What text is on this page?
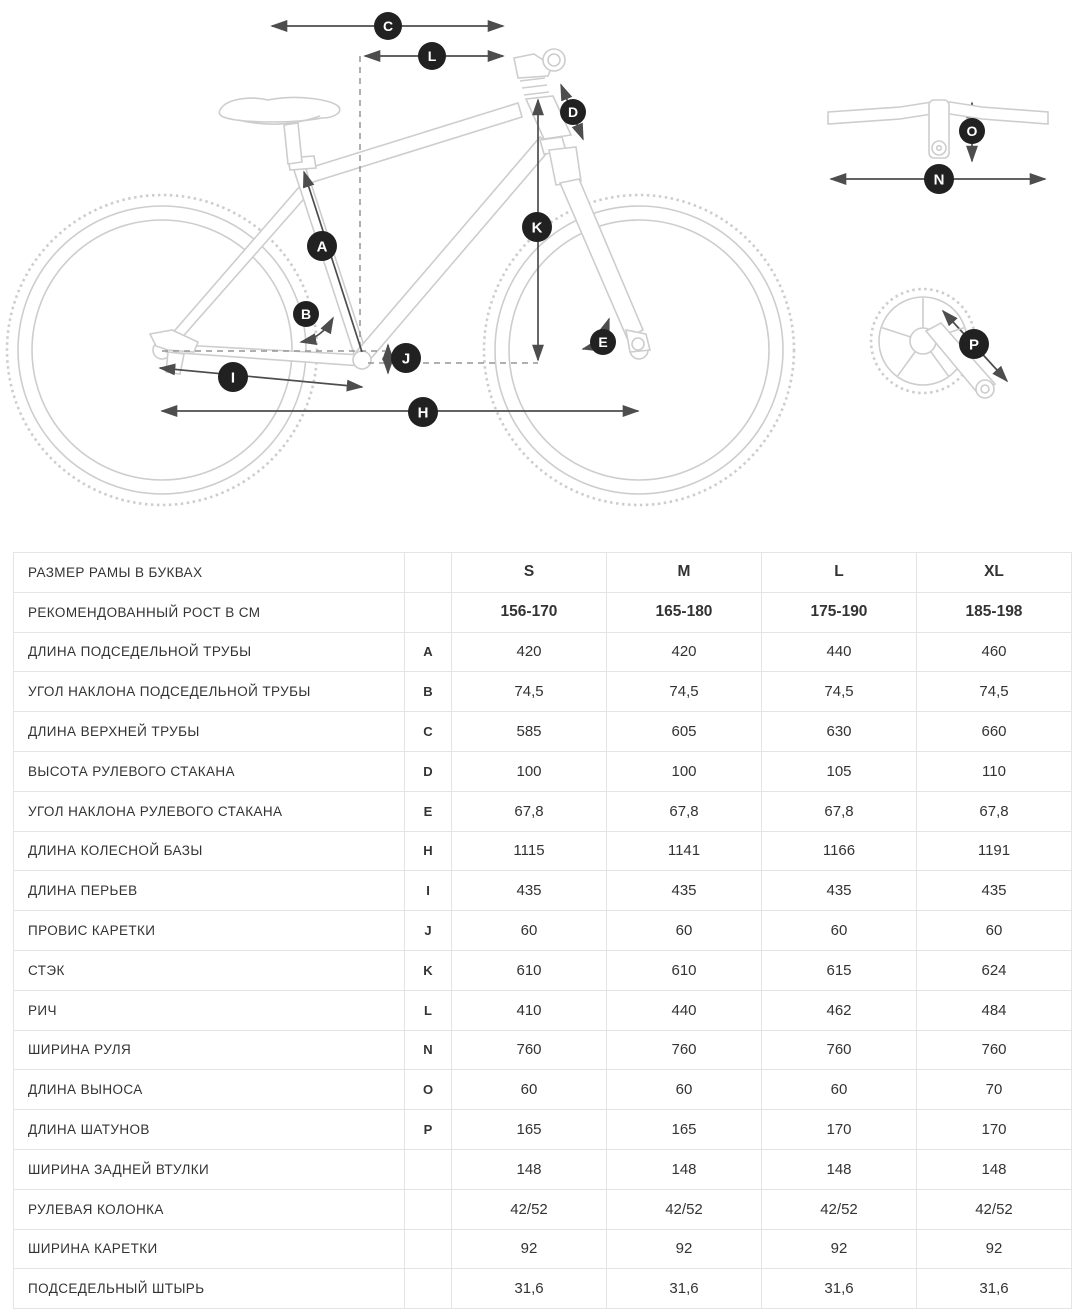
C
L
D
A
K
B
E
J
I
H
O
N
P
РАЗМЕР РАМЫ В БУКВАХ		S	M	L	XL
РЕКОМЕНДОВАННЫЙ РОСТ В СМ		156-170	165-180	175-190	185-198
ДЛИНА ПОДСЕДЕЛЬНОЙ ТРУБЫ	A	420	420	440	460
УГОЛ НАКЛОНА ПОДСЕДЕЛЬНОЙ ТРУБЫ	B	74,5	74,5	74,5	74,5
ДЛИНА ВЕРХНЕЙ ТРУБЫ	C	585	605	630	660
ВЫСОТА РУЛЕВОГО СТАКАНА	D	100	100	105	110
УГОЛ НАКЛОНА РУЛЕВОГО СТАКАНА	E	67,8	67,8	67,8	67,8
ДЛИНА КОЛЕСНОЙ БАЗЫ	H	1115	1141	1166	1191
ДЛИНА ПЕРЬЕВ	I	435	435	435	435
ПРОВИС КАРЕТКИ	J	60	60	60	60
СТЭК	K	610	610	615	624
РИЧ	L	410	440	462	484
ШИРИНА РУЛЯ	N	760	760	760	760
ДЛИНА ВЫНОСА	O	60	60	60	70
ДЛИНА ШАТУНОВ	P	165	165	170	170
ШИРИНА ЗАДНЕЙ ВТУЛКИ		148	148	148	148
РУЛЕВАЯ КОЛОНКА		42/52	42/52	42/52	42/52
ШИРИНА КАРЕТКИ		92	92	92	92
ПОДСЕДЕЛЬНЫЙ ШТЫРЬ		31,6	31,6	31,6	31,6
